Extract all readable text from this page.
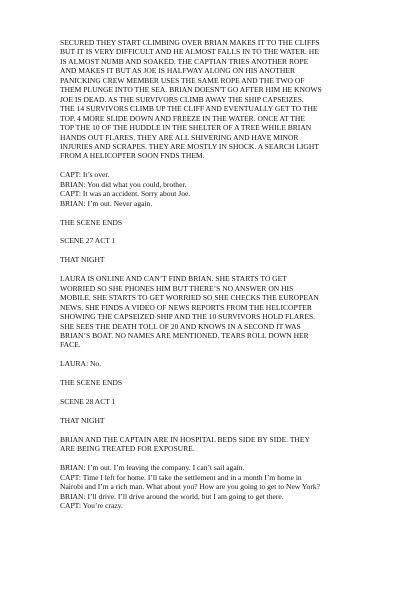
SECURED THEY START CLIMBING OVER BRIAN MAKES IT TO THE CLIFFS
BUT IT IS VERY DIFFICULT AND HE ALMOST FALLS IN TO THE WATER. HE
IS ALMOST NUMB AND SOAKED. THE CAPTIAN TRIES ANOTHER ROPE
AND MAKES IT BUT AS JOE IS HALFWAY ALONG ON HIS ANOTHER
PANICKING CREW MEMBER USES THE SAME ROPE AND THE TWO OF
THEM PLUNGE INTO THE SEA. BRIAN DOESN'T GO AFTER HIM HE KNOWS
JOE IS DEAD. AS THE SURVIVORS CLIMB AWAY THE SHIP CAPSEIZES.
THE 14 SURVIVORS CLIMB UP THE CLIFF AND EVENTUALLY GET TO THE
TOP, 4 MORE SLIDE DOWN AND FREEZE IN THE WATER. ONCE AT THE
TOP THE 10 OF THE HUDDLE IN THE SHELTER OF A TREE WHILE BRIAN
HANDS OUT FLARES. THEY ARE ALL SHIVERING AND HAVE MINOR
INJURIES AND SCRAPES. THEY ARE MOSTLY IN SHOCK. A SEARCH LIGHT
FROM A HELICOPTER SOON FNDS THEM.

CAPT: It’s over.
BRIAN: You did what you could, brother.
CAPT: It was an accident. Sorry about Joe.
BRIAN: I’m out. Never again.

THE SCENE ENDS

SCENE 27 ACT 1

THAT NIGHT

LAURA IS ONLINE AND CAN’T FIND BRIAN. SHE STARTS TO GET
WORRIED SO SHE PHONES HIM BUT THERE’S NO ANSWER ON HIS
MOBILE. SHE STARTS TO GET WORRIED SO SHE CHECKS THE EUROPEAN
NEWS. SHE FINDS A VIDEO OF NEWS REPORTS FROM THE HELICOPTER
SHOWING THE CAPSEIZED SHIP AND THE 10 SURVIVORS HOLD FLARES.
SHE SEES THE DEATH TOLL OF 20 AND KNOWS IN A SECOND IT WAS
BRIAN’S BOAT. NO NAMES ARE MENTIONED. TEARS ROLL DOWN HER
FACE.

LAURA: No.

THE SCENE ENDS

SCENE 28 ACT 1

THAT NIGHT

BRIAN AND THE CAPTAIN ARE IN HOSPITAL BEDS SIDE BY SIDE. THEY
ARE BEING TREATED FOR EXPOSURE.

BRIAN: I’m out. I’m leaving the company. I can’t sail again.
CAPT: Time I left for home. I’ll take the settlement and in a month I’m home in
Nairobi and I’m a rich man. What about you? How are you going to get to New York?
BRIAN: I’ll drive. I’ll drive around the world, but I am going to get there.
CAPT: You’re crazy.
